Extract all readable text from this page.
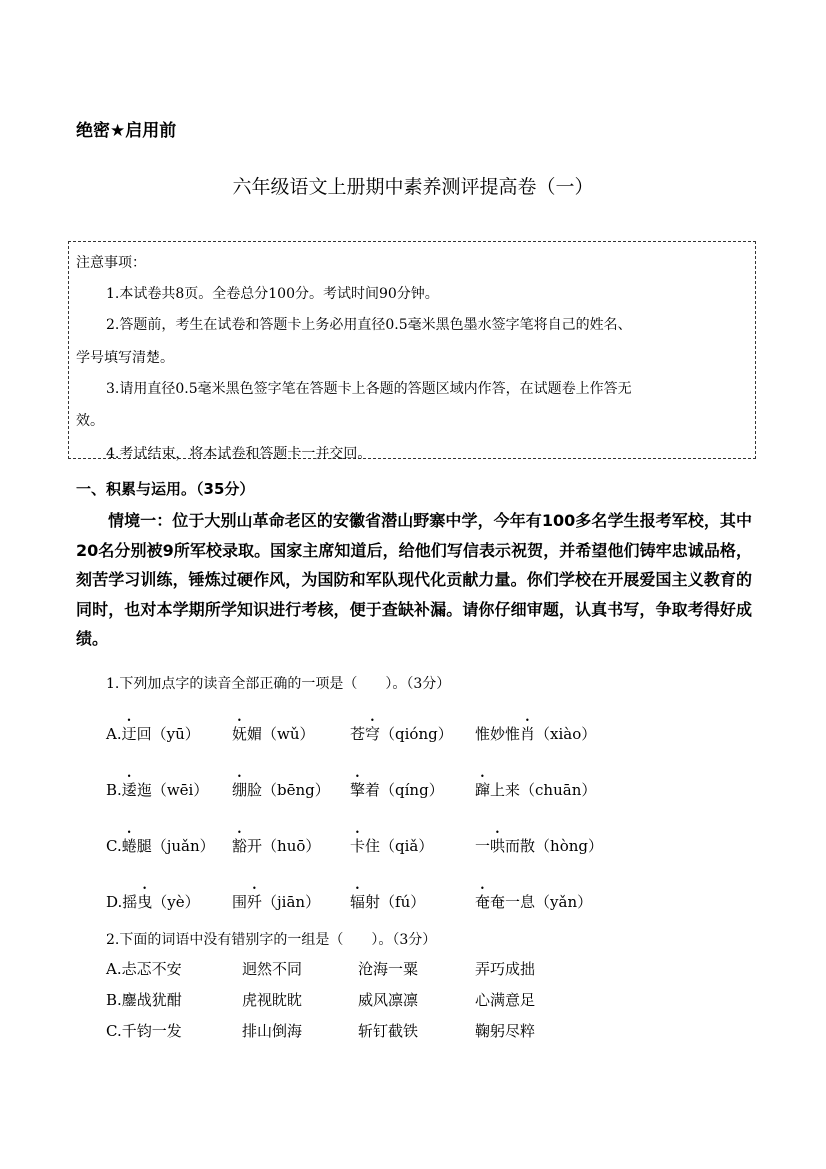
绝密★启用前
六年级语文上册期中素养测评提高卷（一）
注意事项：
1.本试卷共8页。全卷总分100分。考试时间90分钟。
2.答题前，考生在试卷和答题卡上务必用直径0.5毫米黑色墨水签字笔将自己的姓名、
学号填写清楚。
3.请用直径0.5毫米黑色签字笔在答题卡上各题的答题区域内作答，在试题卷上作答无
效。
4.考试结束，将本试卷和答题卡一并交回。
一、积累与运用。（35分）
情境一：位于大别山革命老区的安徽省潜山野寨中学，今年有100多名学生报考军校，其中20名分别被9所军校录取。国家主席知道后，给他们写信表示祝贺，并希望他们铸牢忠诚品格，刻苦学习训练，锤炼过硬作风，为国防和军队现代化贡献力量。你们学校在开展爱国主义教育的同时，也对本学期所学知识进行考核，便于查缺补漏。请你仔细审题，认真书写，争取考得好成绩。
1.下列加点字的读音全部正确的一项是（　　）。（3分）
A.迂回（yū） 妩媚（wǔ） 苍穹（qióng） 惟妙惟肖（xiào）
B.逶迤（wēi） 绷脸（bēng） 擎着（qíng） 蹿上来（chuān）
C.蜷腿（juǎn） 豁开（huō） 卡住（qiǎ）	一哄而散（hòng）
D.摇曳（yè） 围歼（jiān） 辐射（fú）	奄奄一息（yǎn）
2.下面的词语中没有错别字的一组是（　　）。（3分）
A.忐忑不安	迥然不同	沧海一粟	弄巧成拙
B.鏖战犹酣	虎视眈眈	威风凛凛	心满意足
C.千钧一发	排山倒海	斩钉截铁	鞠躬尽粹
